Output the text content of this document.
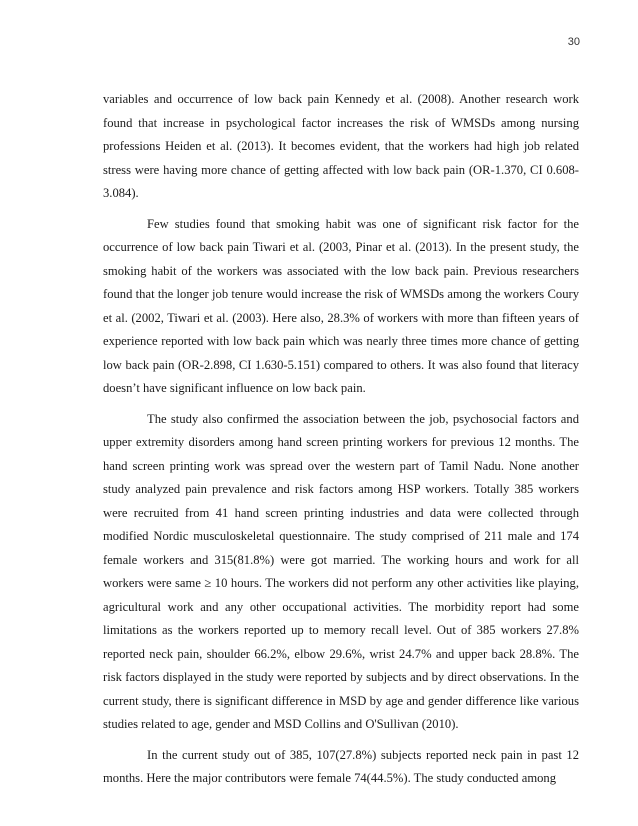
30

variables and occurrence of low back pain Kennedy et al. (2008). Another research work found that increase in psychological factor increases the risk of WMSDs among nursing professions Heiden et al. (2013). It becomes evident, that the workers had high job related stress were having more chance of getting affected with low back pain (OR-1.370, CI 0.608-3.084).

Few studies found that smoking habit was one of significant risk factor for the occurrence of low back pain Tiwari et al. (2003, Pinar et al. (2013). In the present study, the smoking habit of the workers was associated with the low back pain. Previous researchers found that the longer job tenure would increase the risk of WMSDs among the workers Coury et al. (2002, Tiwari et al. (2003). Here also, 28.3% of workers with more than fifteen years of experience reported with low back pain which was nearly three times more chance of getting low back pain (OR-2.898, CI 1.630-5.151) compared to others. It was also found that literacy doesn’t have significant influence on low back pain.

The study also confirmed the association between the job, psychosocial factors and upper extremity disorders among hand screen printing workers for previous 12 months. The hand screen printing work was spread over the western part of Tamil Nadu. None another study analyzed pain prevalence and risk factors among HSP workers. Totally 385 workers were recruited from 41 hand screen printing industries and data were collected through modified Nordic musculoskeletal questionnaire. The study comprised of 211 male and 174 female workers and 315(81.8%) were got married. The working hours and work for all workers were same ≥ 10 hours. The workers did not perform any other activities like playing, agricultural work and any other occupational activities. The morbidity report had some limitations as the workers reported up to memory recall level. Out of 385 workers 27.8% reported neck pain, shoulder 66.2%, elbow 29.6%, wrist 24.7% and upper back 28.8%. The risk factors displayed in the study were reported by subjects and by direct observations. In the current study, there is significant difference in MSD by age and gender difference like various studies related to age, gender and MSD Collins and O'Sullivan (2010).

In the current study out of 385, 107(27.8%) subjects reported neck pain in past 12 months. Here the major contributors were female 74(44.5%). The study conducted among
